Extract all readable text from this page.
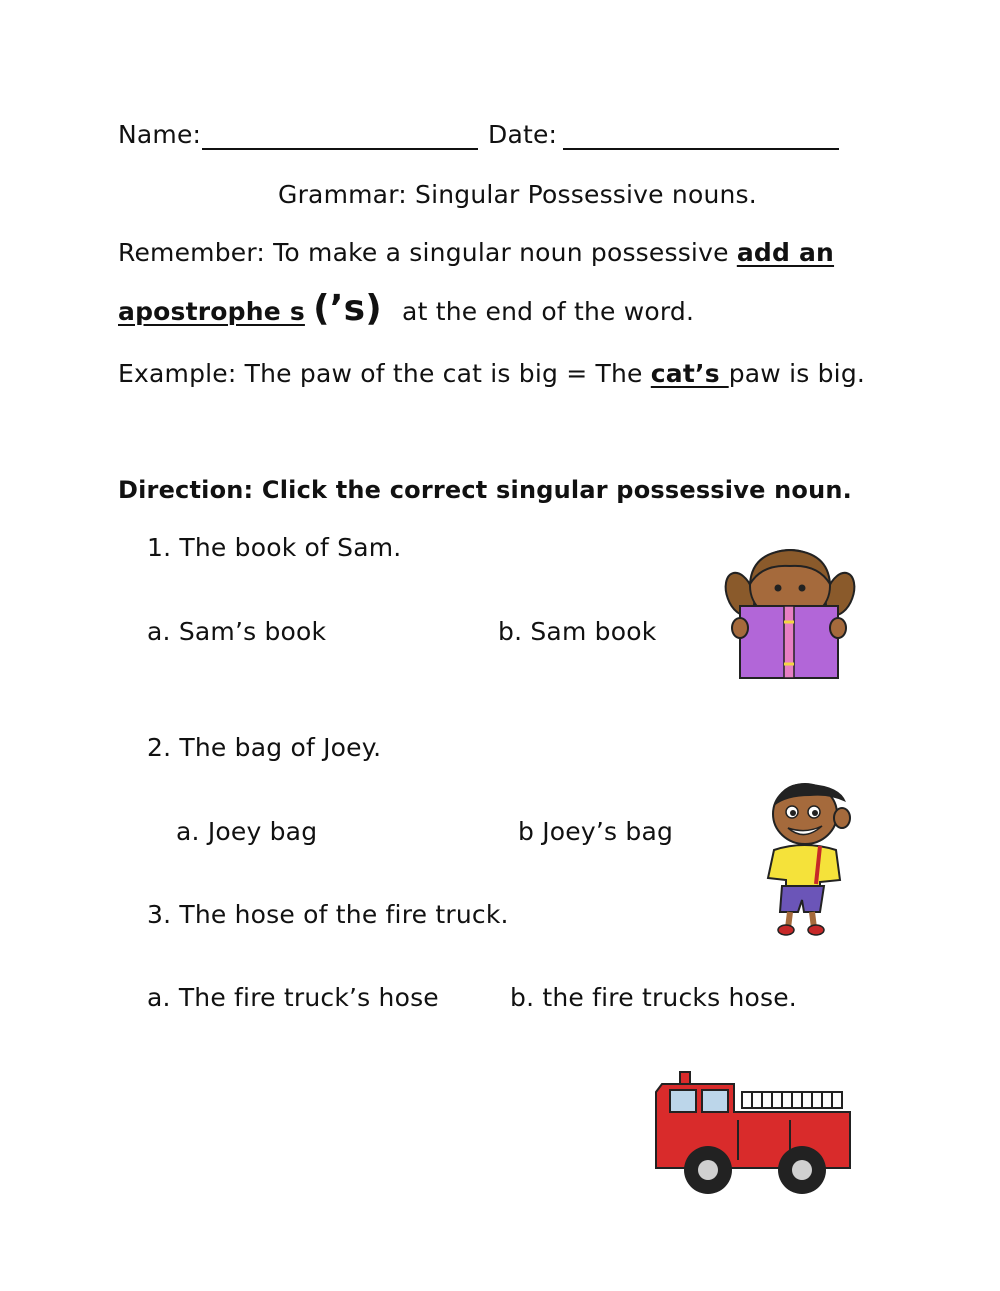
Name:	Date:
Grammar: Singular Possessive nouns.
Remember: To make a singular noun possessive add an
apostrophe s (’s) at the end of the word.
Example: The paw of the cat is big = The cat’s paw is big.
Direction: Click the correct singular possessive noun.
1. The book of Sam.
a. Sam’s book	b. Sam book
2. The bag of Joey.
a. Joey bag	b Joey’s bag
3. The hose of the fire truck.
a. The fire truck’s hose	b. the fire trucks hose.
